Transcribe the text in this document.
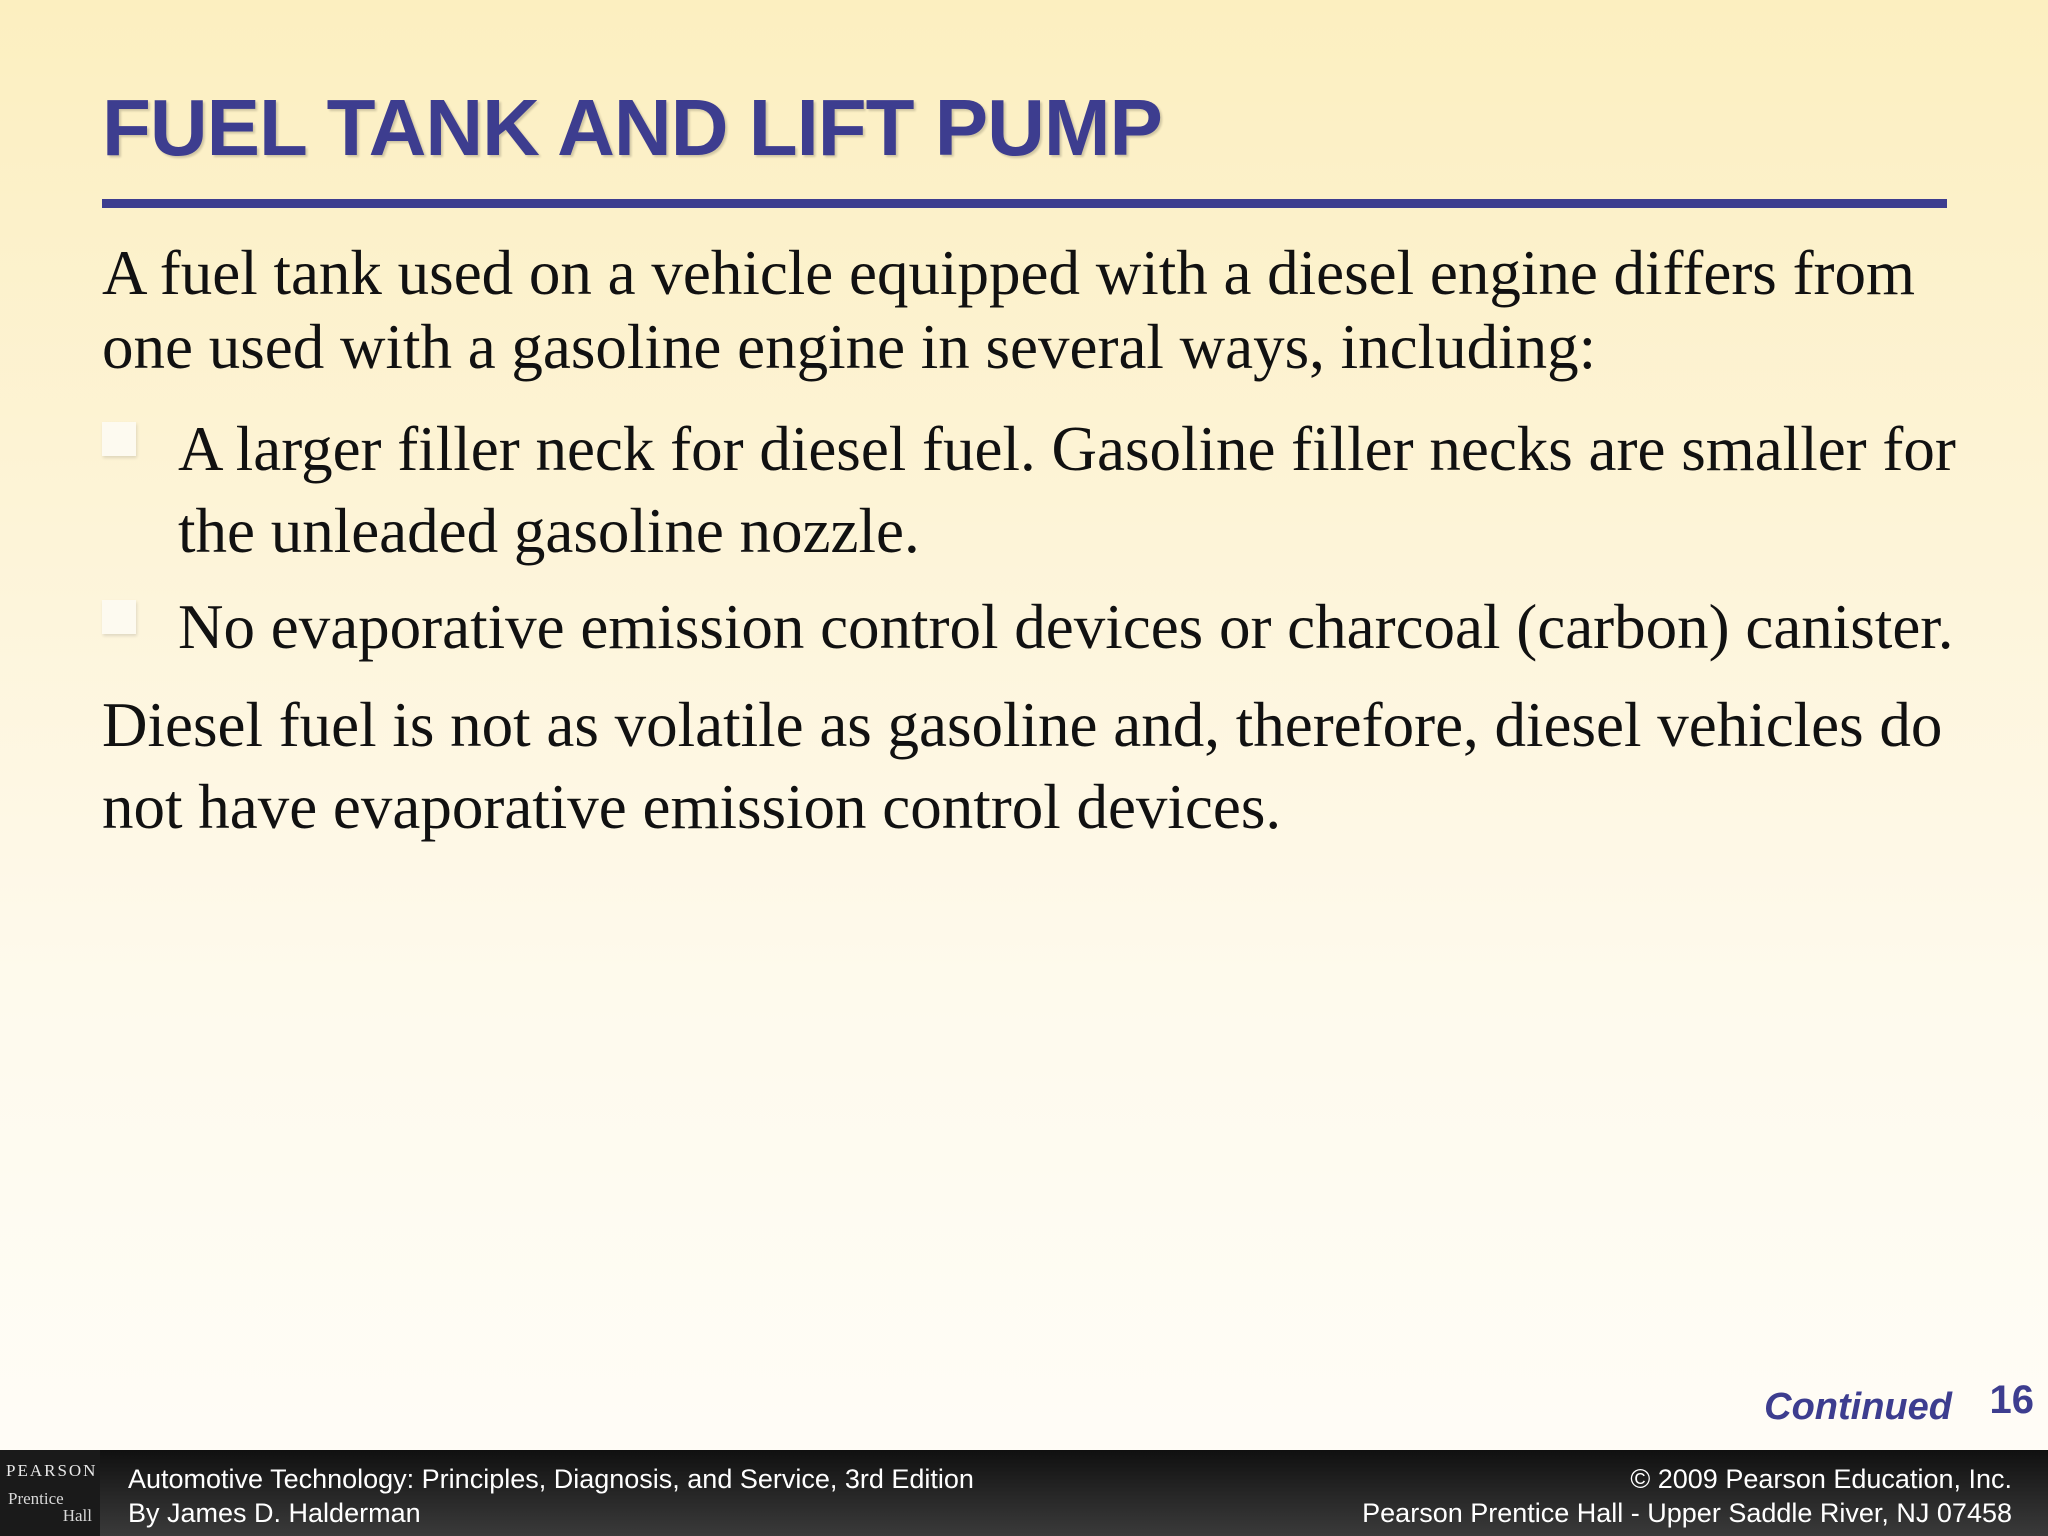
FUEL TANK AND LIFT PUMP

A fuel tank used on a vehicle equipped with a diesel engine differs from one used with a gasoline engine in several ways, including:

A larger filler neck for diesel fuel. Gasoline filler necks are smaller for the unleaded gasoline nozzle.
No evaporative emission control devices or charcoal (carbon) canister.

Diesel fuel is not as volatile as gasoline and, therefore, diesel vehicles do not have evaporative emission control devices.

Continued 16
PEARSON
Prentice
Hall
Automotive Technology: Principles, Diagnosis, and Service, 3rd Edition
By James D. Halderman
© 2009 Pearson Education, Inc.
Pearson Prentice Hall - Upper Saddle River, NJ 07458
